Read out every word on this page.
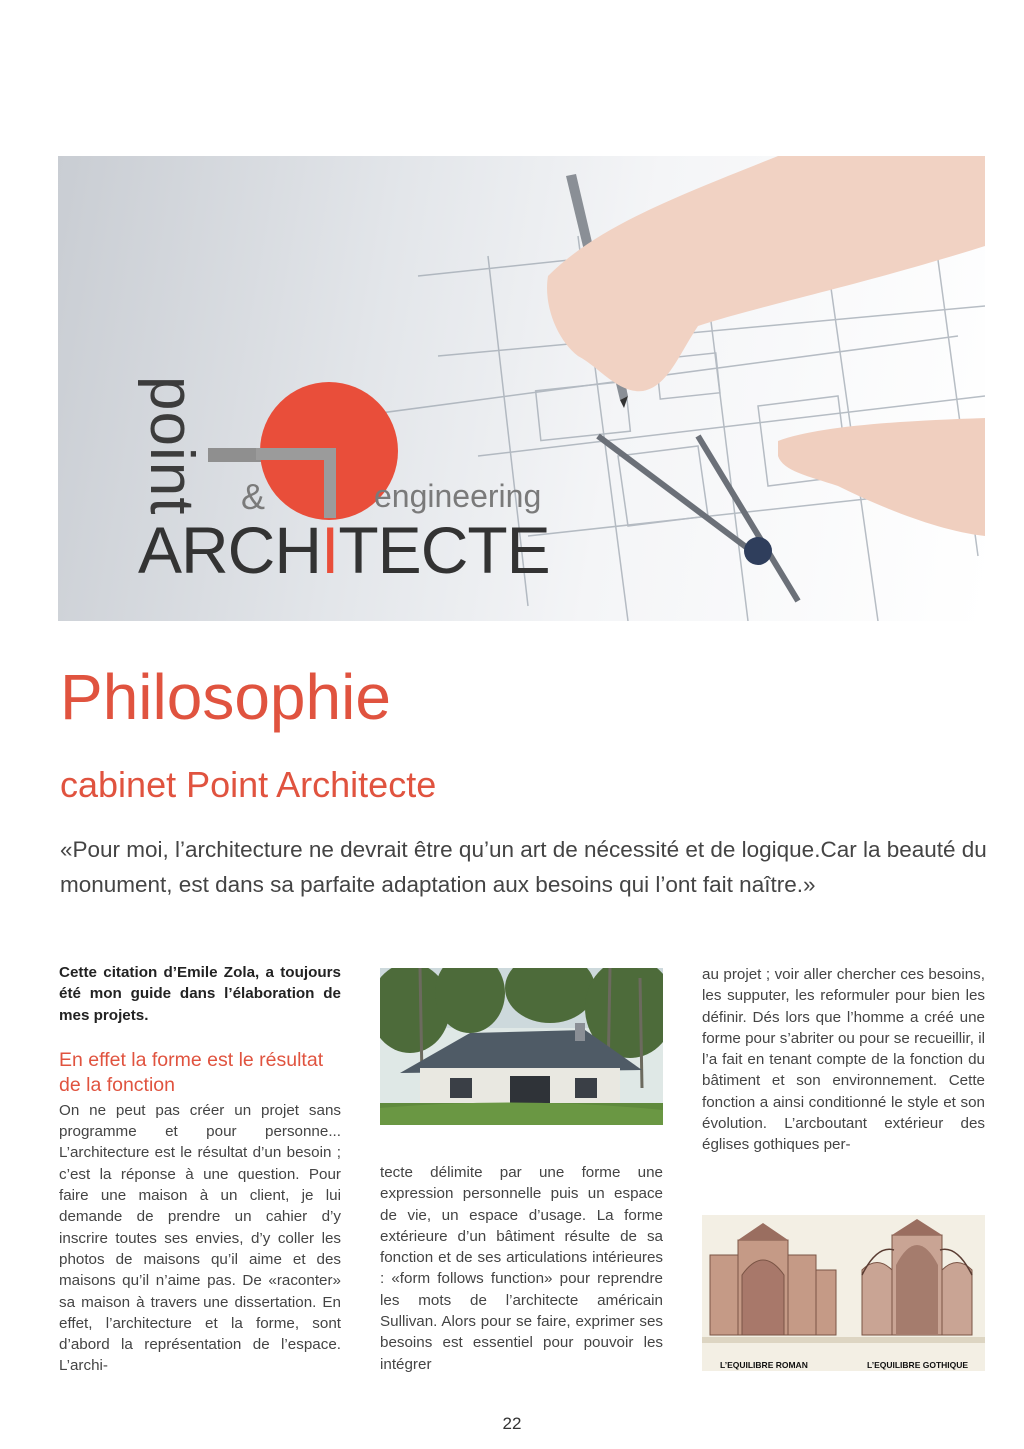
point &	engineering
ARCHITECTE
Philosophie
cabinet Point Architecte

«Pour moi, l’architecture ne devrait être qu’un art de nécessité et de logique.Car la beauté du monument, est dans sa parfaite adaptation aux besoins qui l’ont fait naître.»

Cette citation d’Emile Zola, a toujours été mon guide dans l’élaboration de mes projets.

En effet la forme est le résultat de la fonction

On ne peut pas créer un projet sans programme et pour personne... L’architecture est le résultat d’un besoin ; c’est la réponse à une question. Pour faire une maison à un client, je lui demande de prendre un cahier d’y inscrire toutes ses envies, d’y coller les photos de maisons qu’il aime et des maisons qu’il n’aime pas. De «raconter» sa maison à travers une dissertation. En effet, l’architecture et la forme, sont d’abord la représentation de l’espace. L’archi-

tecte délimite par une forme une expression personnelle puis un espace de vie, un espace d’usage. La forme extérieure d’un bâtiment résulte de sa fonction et de ses articulations intérieures : «form follows function» pour reprendre les mots de l’architecte américain Sullivan. Alors pour se faire, exprimer ses besoins est essentiel pour pouvoir les intégrer

au projet ; voir aller chercher ces besoins, les supputer, les reformuler pour bien les définir. Dés lors que l’homme a créé une forme pour s’abriter ou pour se recueillir, il l’a fait en tenant compte de la fonction du bâtiment et son environnement. Cette fonction a ainsi conditionné le style et son évolution. L’arcboutant extérieur des églises gothiques per-

L’EQUILIBRE ROMAN	L’EQUILIBRE GOTHIQUE
22
